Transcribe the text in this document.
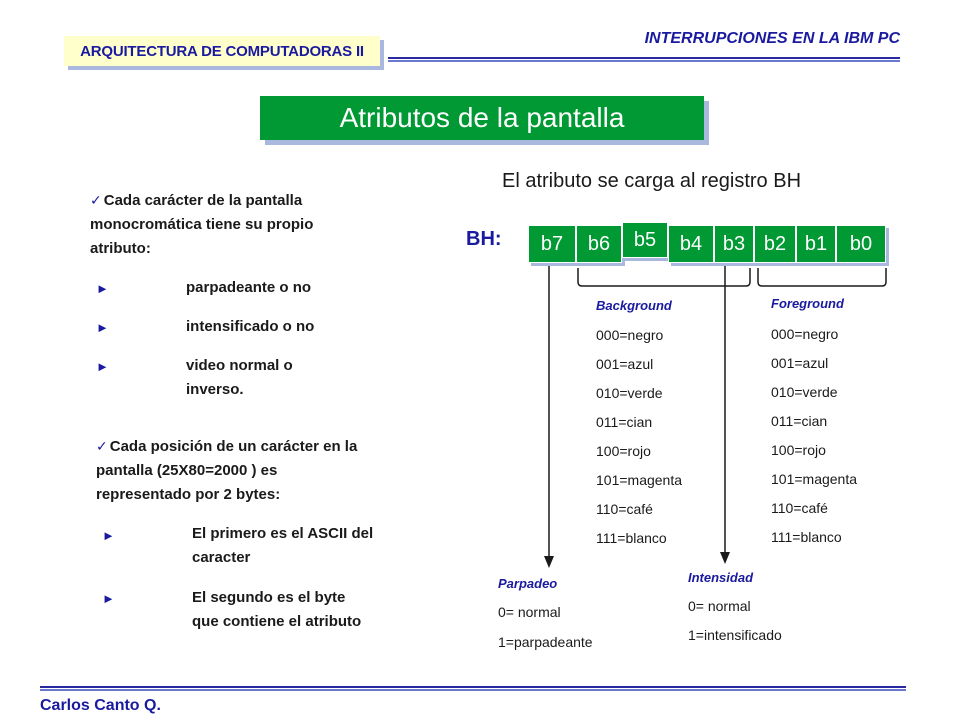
ARQUITECTURA DE COMPUTADORAS II
INTERRUPCIONES EN LA IBM PC
Atributos de la pantalla
El atributo se carga al registro BH
BH:	b7	b6	b5	b4	b3 b2 b1	b0
✓ Cada carácter de la pantalla
monocromática tiene su propio
atributo:
►	parpadeante o no
►	intensificado o no
►	video normal o
inverso.
✓ Cada posición de un carácter en la
pantalla (25X80=2000 ) es
representado por 2 bytes:
►	El primero es el ASCII del
caracter
►	El segundo es el byte
que contiene el atributo
Background
000=negro
001=azul
010=verde
011=cian
100=rojo
101=magenta
110=café
111=blanco
Foreground
000=negro
001=azul
010=verde
011=cian
100=rojo
101=magenta
110=café
111=blanco
Parpadeo
0= normal
1=parpadeante
Intensidad
0= normal
1=intensificado
Carlos Canto Q.
